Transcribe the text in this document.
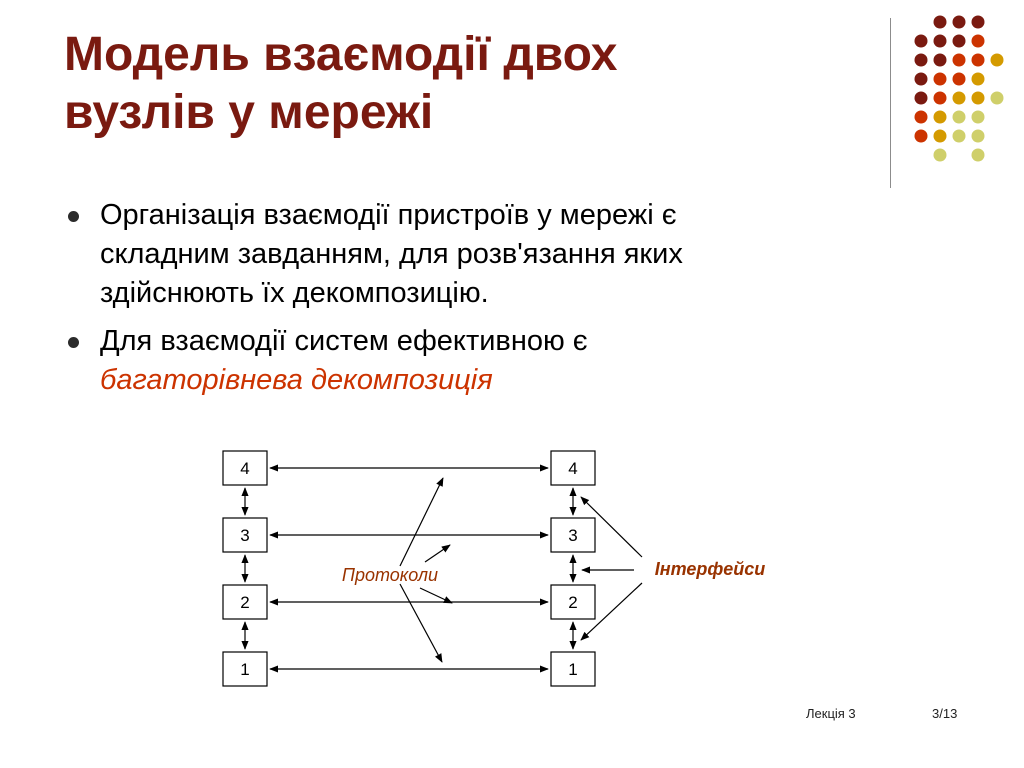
Модель взаємодії двох
вузлів у мережі
Організація взаємодії пристроїв у мережі є
складним завданням, для розв'язання яких
здійснюють їх декомпозицію.
Для взаємодії систем ефективною є
багаторівнева декомпозиція
4
3
2
1
4
3
2
1
Протоколи	Інтерфейси
Лекція 3	3/13
